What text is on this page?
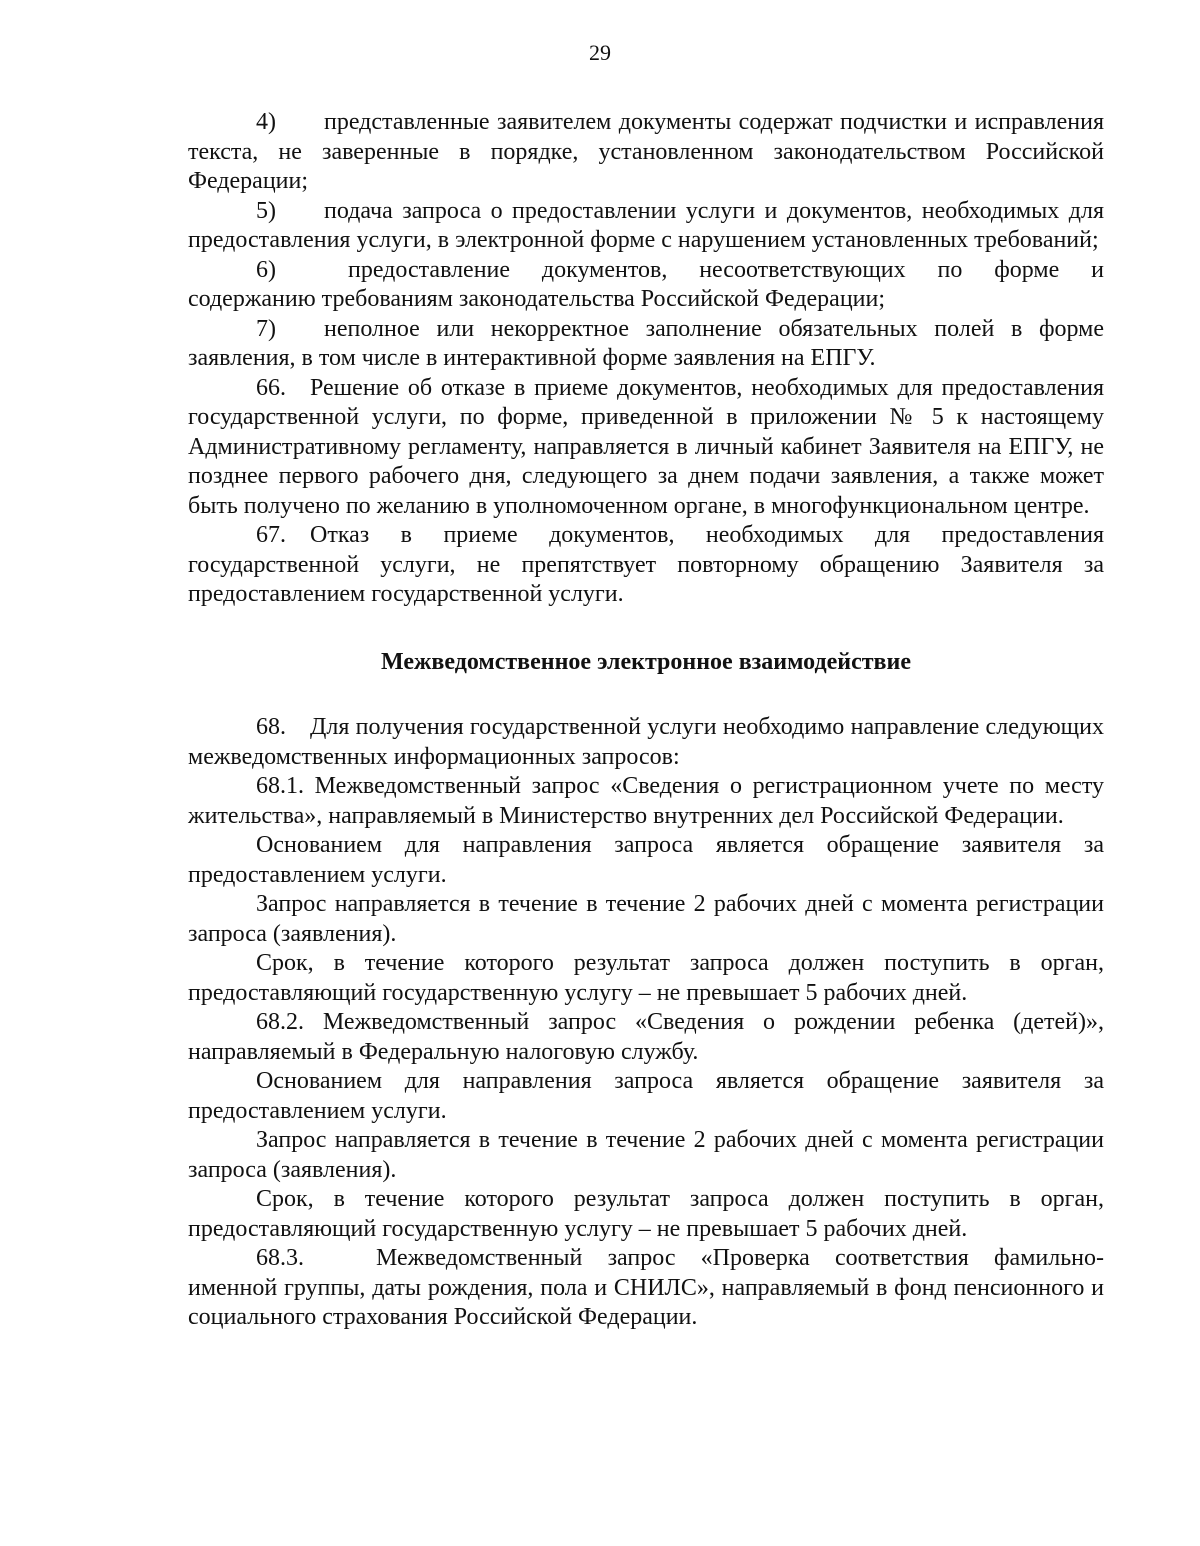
29

4)  представленные заявителем документы содержат подчистки и исправления текста, не заверенные в порядке, установленном законодательством Российской Федерации;

5)  подача запроса о предоставлении услуги и документов, необходимых для предоставления услуги, в электронной форме с нарушением установленных требований;

6)   предоставление документов, несоответствующих по форме и содержанию требованиям законодательства Российской Федерации;

7)  неполное или некорректное заполнение обязательных полей в форме заявления, в том числе в интерактивной форме заявления на ЕПГУ.

66. Решение об отказе в приеме документов, необходимых для предоставления государственной услуги, по форме, приведенной в приложении № 5 к настоящему Административному регламенту, направляется в личный кабинет Заявителя на ЕПГУ, не позднее первого рабочего дня, следующего за днем подачи заявления, а также может быть получено по желанию в уполномоченном органе, в многофункциональном центре.

67. Отказ в приеме документов, необходимых для предоставления государственной услуги, не препятствует повторному обращению Заявителя за предоставлением государственной услуги.

Межведомственное электронное взаимодействие

68. Для получения государственной услуги необходимо направление следующих межведомственных информационных запросов:

68.1. Межведомственный запрос «Сведения о регистрационном учете по месту жительства», направляемый в Министерство внутренних дел Российской Федерации.

Основанием для направления запроса является обращение заявителя за предоставлением услуги.

Запрос направляется в течение в течение 2 рабочих дней с момента регистрации запроса (заявления).

Срок, в течение которого результат запроса должен поступить в орган, предоставляющий государственную услугу – не превышает 5 рабочих дней.

68.2. Межведомственный запрос «Сведения о рождении ребенка (детей)», направляемый в Федеральную налоговую службу.

Основанием для направления запроса является обращение заявителя за предоставлением услуги.

Запрос направляется в течение в течение 2 рабочих дней с момента регистрации запроса (заявления).

Срок, в течение которого результат запроса должен поступить в орган, предоставляющий государственную услугу – не превышает 5 рабочих дней.

68.3.   Межведомственный запрос «Проверка соответствия фамильно-именной группы, даты рождения, пола и СНИЛС», направляемый в фонд пенсионного и социального страхования Российской Федерации.
